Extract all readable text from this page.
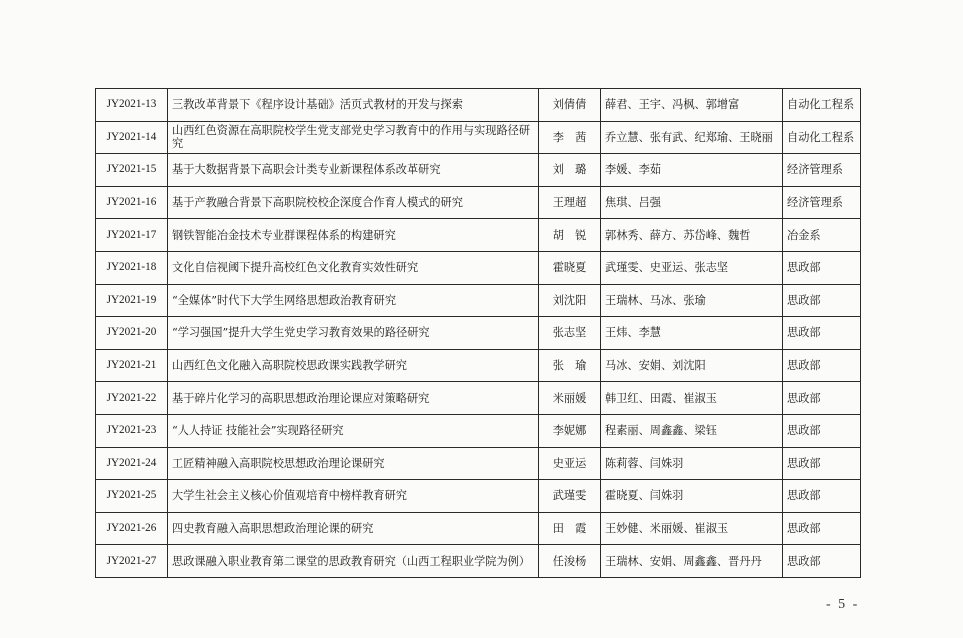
JY2021-13	三教改革背景下《程序设计基础》活页式教材的开发与探索	刘倩倩	薛君、王宇、冯枫、郭增富	自动化工程系
JY2021-14	山西红色资源在高职院校学生党支部党史学习教育中的作用与实现路径研究	李　茜	乔立慧、张有武、纪郑瑜、王晓丽	自动化工程系
JY2021-15	基于大数据背景下高职会计类专业新课程体系改革研究	刘　璐	李媛、李茹	经济管理系
JY2021-16	基于产教融合背景下高职院校校企深度合作育人模式的研究	王理超	焦琪、吕强	经济管理系
JY2021-17	钢铁智能冶金技术专业群课程体系的构建研究	胡　锐	郭林秀、薛方、苏岱峰、魏哲	冶金系
JY2021-18	文化自信视阈下提升高校红色文化教育实效性研究	霍晓夏	武瑾雯、史亚运、张志坚	思政部
JY2021-19	“全媒体”时代下大学生网络思想政治教育研究	刘沈阳	王瑞林、马冰、张瑜	思政部
JY2021-20	“学习强国”提升大学生党史学习教育效果的路径研究	张志坚	王炜、李慧	思政部
JY2021-21	山西红色文化融入高职院校思政课实践教学研究	张　瑜	马冰、安娟、刘沈阳	思政部
JY2021-22	基于碎片化学习的高职思想政治理论课应对策略研究	米丽媛	韩卫红、田霞、崔淑玉	思政部
JY2021-23	“人人持证 技能社会”实现路径研究	李妮娜	程素丽、周鑫鑫、梁钰	思政部
JY2021-24	工匠精神融入高职院校思想政治理论课研究	史亚运	陈莉蓉、闫姝羽	思政部
JY2021-25	大学生社会主义核心价值观培育中榜样教育研究	武瑾雯	霍晓夏、闫姝羽	思政部
JY2021-26	四史教育融入高职思想政治理论课的研究	田　霞	王妙健、米丽媛、崔淑玉	思政部
JY2021-27	思政课融入职业教育第二课堂的思政教育研究（山西工程职业学院为例）	任浚杨	王瑞林、安娟、周鑫鑫、晋丹丹	思政部
- 5 -
